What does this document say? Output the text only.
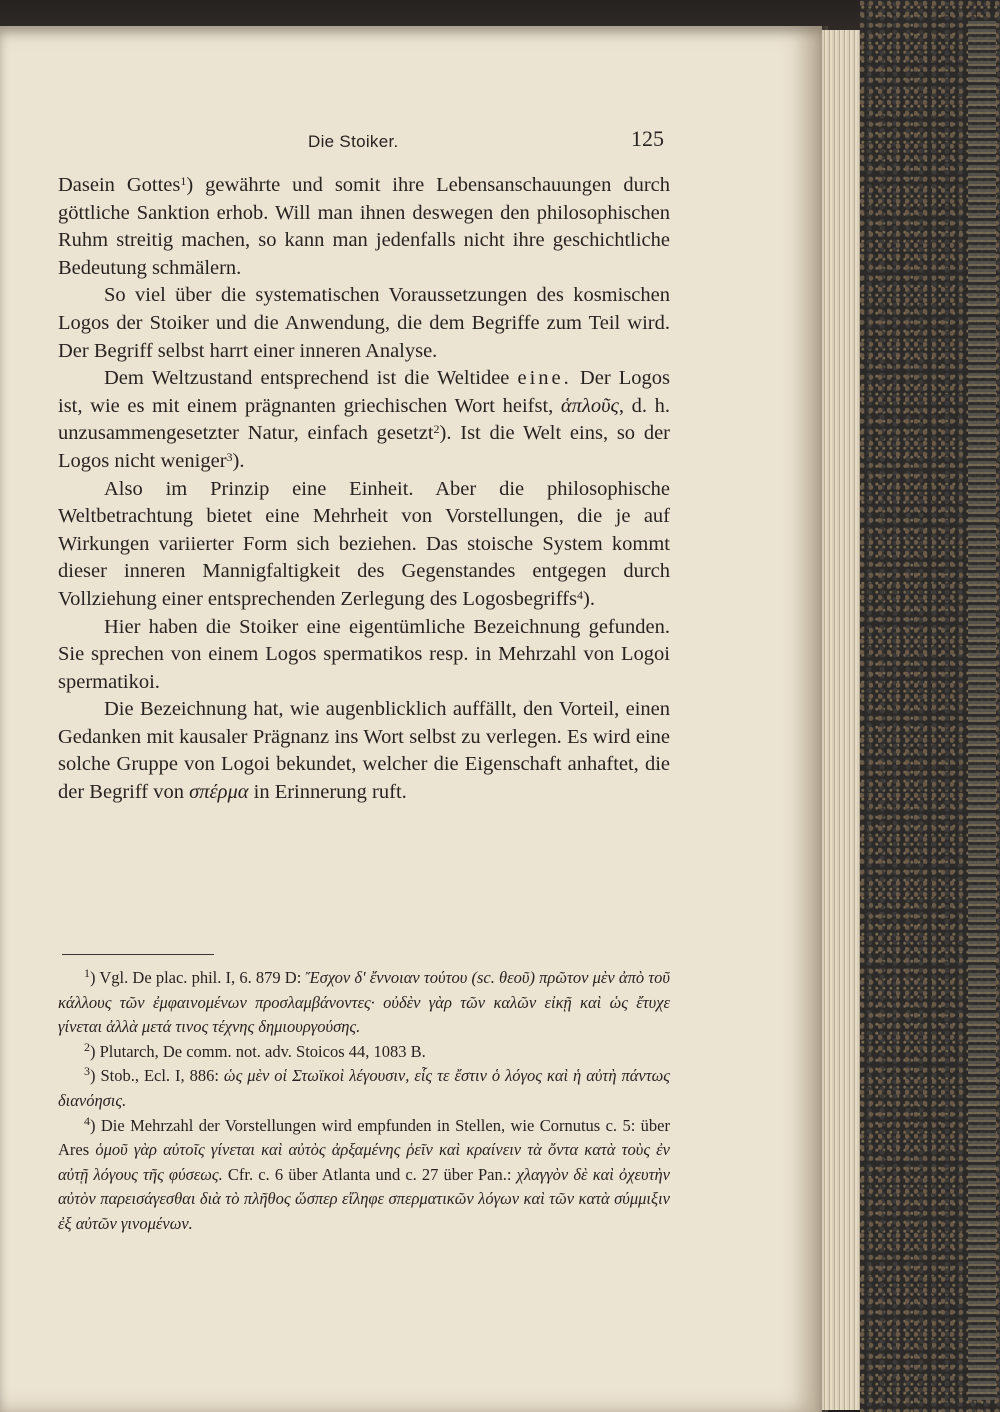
Die Stoiker.	125

Dasein Gottes$^1$) gewährte und somit ihre Lebensanschauungen durch göttliche Sanktion erhob. Will man ihnen deswegen den philosophischen Ruhm streitig machen, so kann man jedenfalls nicht ihre geschichtliche Bedeutung schmälern.

So viel über die systematischen Voraussetzungen des kosmischen Logos der Stoiker und die Anwendung, die dem Begriffe zum Teil wird. Der Begriff selbst harrt einer inneren Analyse.

Dem Weltzustand entsprechend ist die Weltidee eine. Der Logos ist, wie es mit einem prägnanten griechischen Wort heifst, ἁπλοῦς, d. h. unzusammengesetzter Natur, einfach gesetzt$^2$). Ist die Welt eins, so der Logos nicht weniger$^3$).

Also im Prinzip eine Einheit. Aber die philosophische Weltbetrachtung bietet eine Mehrheit von Vorstellungen, die je auf Wirkungen variierter Form sich beziehen. Das stoische System kommt dieser inneren Mannigfaltigkeit des Gegenstandes entgegen durch Vollziehung einer entsprechenden Zerlegung des Logosbegriffs$^4$).

Hier haben die Stoiker eine eigentümliche Bezeichnung gefunden. Sie sprechen von einem Logos spermatikos resp. in Mehrzahl von Logoi spermatikoi.

Die Bezeichnung hat, wie augenblicklich auffällt, den Vorteil, einen Gedanken mit kausaler Prägnanz ins Wort selbst zu verlegen. Es wird eine solche Gruppe von Logoi bekundet, welcher die Eigenschaft anhaftet, die der Begriff von σπέρμα in Erinnerung ruft.

$^1$) Vgl. De plac. phil. I, 6. 879 D: Ἔσχον δ' ἔννοιαν τούτου (sc. θεοῦ) πρῶτον μὲν ἀπὸ τοῦ κάλλους τῶν ἐμφαινομένων προσλαμβάνοντες· οὐδὲν γὰρ τῶν καλῶν εἰκῇ καὶ ὡς ἔτυχε γίνεται ἀλλὰ μετά τινος τέχνης δημιουργούσης.

$^2$) Plutarch, De comm. not. adv. Stoicos 44, 1083 B.

$^3$) Stob., Ecl. I, 886: ὡς μὲν οἱ Στωϊκοὶ λέγουσιν, εἷς τε ἔστιν ὁ λόγος καὶ ἡ αὐτὴ πάντως διανόησις.

$^4$) Die Mehrzahl der Vorstellungen wird empfunden in Stellen, wie Cornutus c. 5: über Ares ὁμοῦ γὰρ αὐτοῖς γίνεται καὶ αὐτὸς ἀρξαμένης ῥεῖν καὶ κραίνειν τὰ ὄντα κατὰ τοὺς ἐν αὐτῇ λόγους τῆς φύσεως. Cfr. c. 6 über Atlanta und c. 27 über Pan.: χλαγγὸν δὲ καὶ ὀχευτὴν αὐτὸν παρεισάγεσθαι διὰ τὸ πλῆθος ὥσπερ εἴληφε σπερματικῶν λόγων καὶ τῶν κατὰ σύμμιξιν ἐξ αὐτῶν γινομένων.
